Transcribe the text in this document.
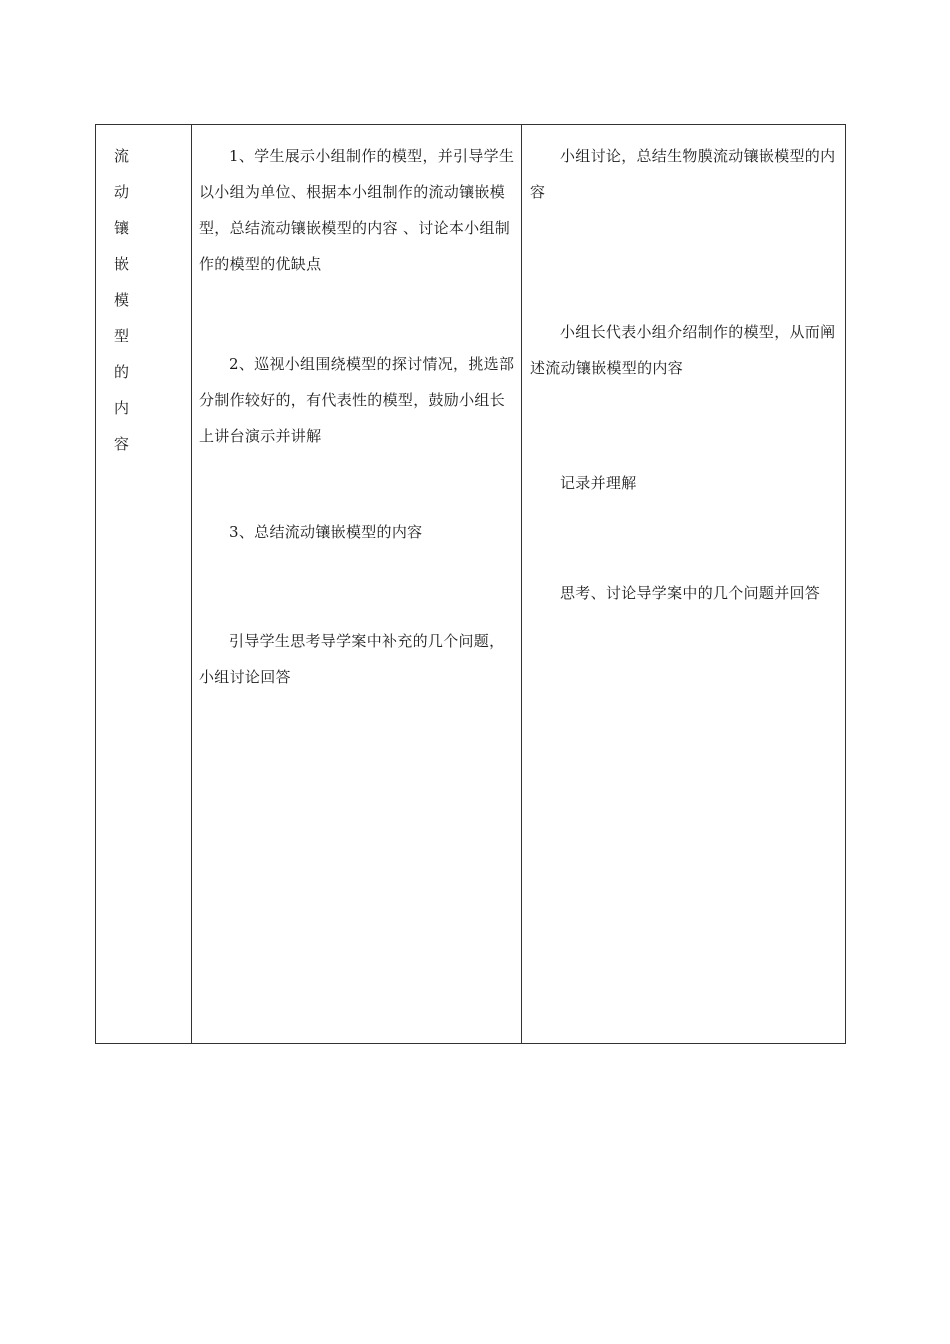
流
动
镶
嵌
模
型
的
内
容
1、学生展示小组制作的模型，并引导学生以小组为单位、根据本小组制作的流动镶嵌模型，总结流动镶嵌模型的内容 、讨论本小组制作的模型的优缺点
2、巡视小组围绕模型的探讨情况，挑选部分制作较好的，有代表性的模型，鼓励小组长上讲台演示并讲解
3、总结流动镶嵌模型的内容
引导学生思考导学案中补充的几个问题，小组讨论回答
小组讨论，总结生物膜流动镶嵌模型的内容
小组长代表小组介绍制作的模型，从而阐述流动镶嵌模型的内容
记录并理解
思考、讨论导学案中的几个问题并回答
